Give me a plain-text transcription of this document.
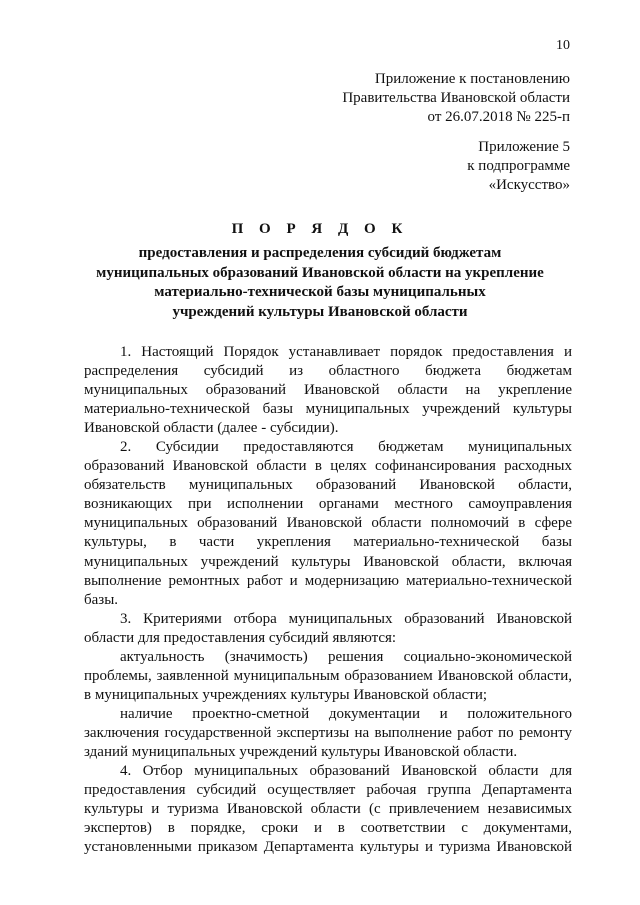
10
Приложение к постановлению
Правительства Ивановской области
от 26.07.2018 № 225-п
Приложение 5
к подпрограмме
«Искусство»
П О Р Я Д О К
предоставления и распределения субсидий бюджетам
муниципальных образований Ивановской области на укрепление
материально-технической базы муниципальных
учреждений культуры Ивановской области
1. Настоящий Порядок устанавливает порядок предоставления и
распределения субсидий из областного бюджета бюджетам
муниципальных образований Ивановской области на укрепление
материально-технической базы муниципальных учреждений культуры
Ивановской области (далее - субсидии).
2. Субсидии предоставляются бюджетам муниципальных
образований Ивановской области в целях софинансирования расходных
обязательств муниципальных образований Ивановской области,
возникающих при исполнении органами местного самоуправления
муниципальных образований Ивановской области полномочий в сфере
культуры, в части укрепления материально-технической базы
муниципальных учреждений культуры Ивановской области, включая
выполнение ремонтных работ и модернизацию материально-технической
базы.
3. Критериями отбора муниципальных образований Ивановской
области для предоставления субсидий являются:
актуальность (значимость) решения социально-экономической
проблемы, заявленной муниципальным образованием Ивановской области,
в муниципальных учреждениях культуры Ивановской области;
наличие проектно-сметной документации и положительного
заключения государственной экспертизы на выполнение работ по ремонту
зданий муниципальных учреждений культуры Ивановской области.
4. Отбор муниципальных образований Ивановской области для
предоставления субсидий осуществляет рабочая группа Департамента
культуры и туризма Ивановской области (с привлечением независимых
экспертов) в порядке, сроки и в соответствии с документами,
установленными приказом Департамента культуры и туризма Ивановской
